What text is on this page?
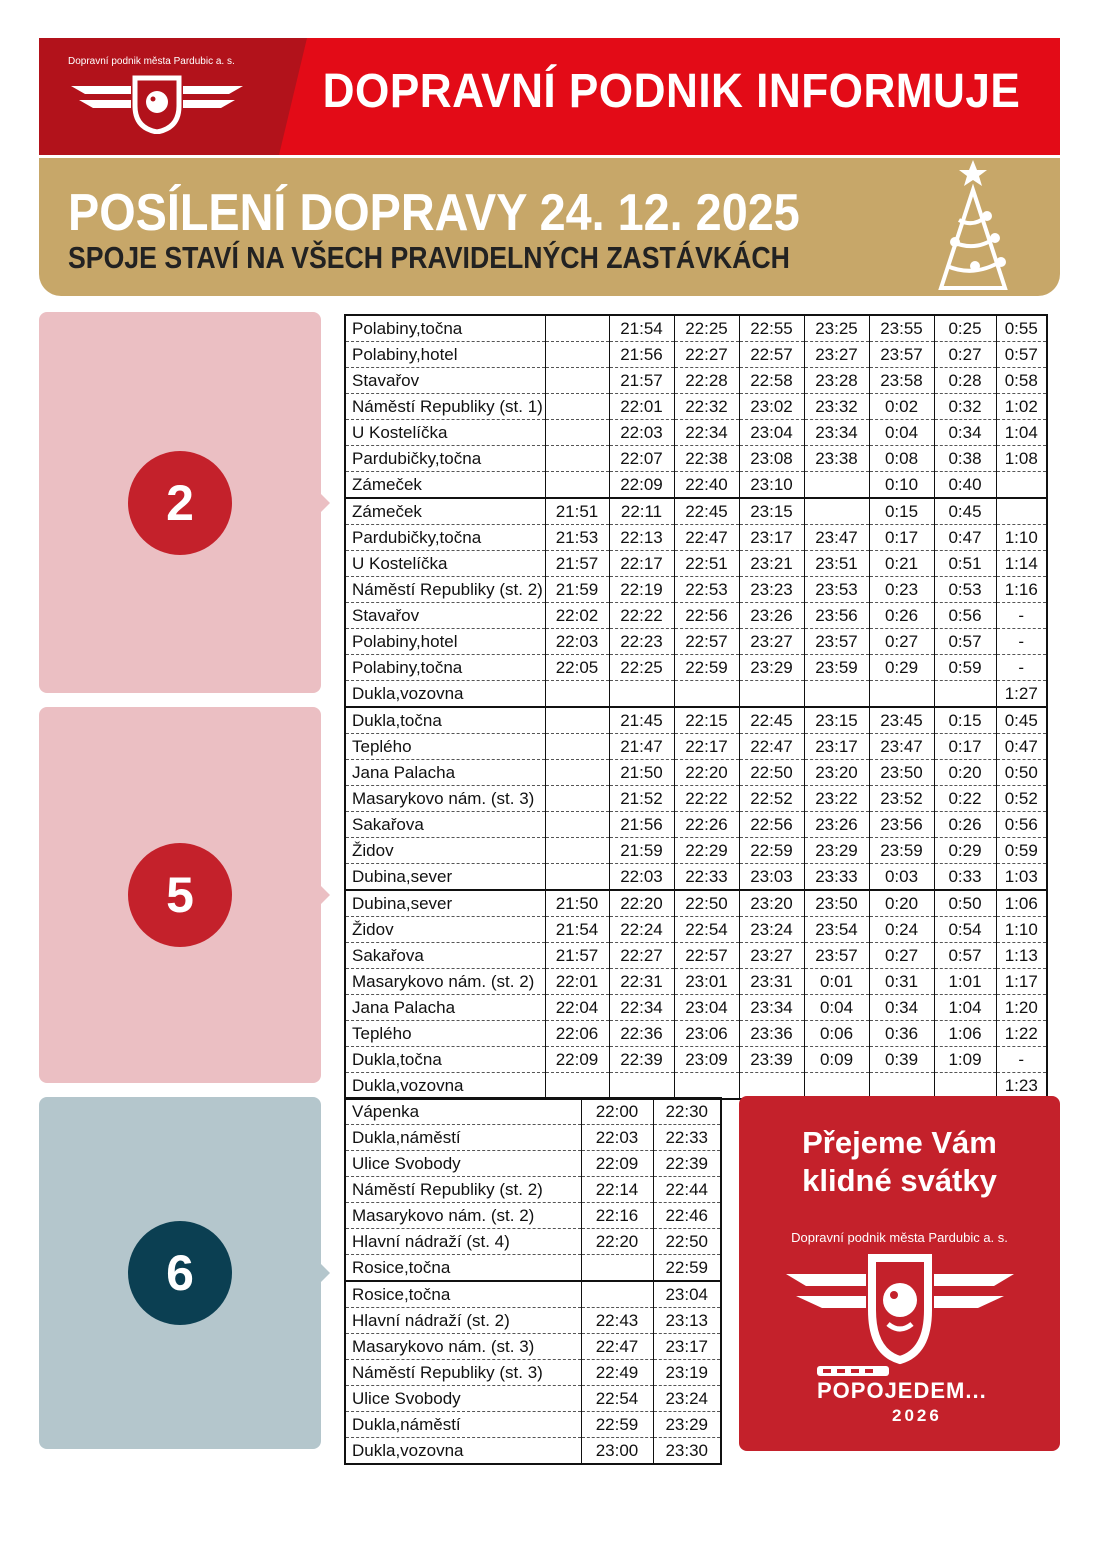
Dopravní podnik města Pardubic a. s.
DOPRAVNÍ PODNIK INFORMUJE
POSÍLENÍ DOPRAVY 24. 12. 2025
SPOJE STAVÍ NA VŠECH PRAVIDELNÝCH ZASTÁVKÁCH
2
Polabiny,točna		21:54	22:25	22:55	23:25	23:55	0:25	0:55
Polabiny,hotel		21:56	22:27	22:57	23:27	23:57	0:27	0:57
Stavařov		21:57	22:28	22:58	23:28	23:58	0:28	0:58
Náměstí Republiky (st. 1)		22:01	22:32	23:02	23:32	0:02	0:32	1:02
U Kostelíčka		22:03	22:34	23:04	23:34	0:04	0:34	1:04
Pardubičky,točna		22:07	22:38	23:08	23:38	0:08	0:38	1:08
Zámeček		22:09	22:40	23:10		0:10	0:40	
Zámeček	21:51	22:11	22:45	23:15		0:15	0:45	
Pardubičky,točna	21:53	22:13	22:47	23:17	23:47	0:17	0:47	1:10
U Kostelíčka	21:57	22:17	22:51	23:21	23:51	0:21	0:51	1:14
Náměstí Republiky (st. 2)	21:59	22:19	22:53	23:23	23:53	0:23	0:53	1:16
Stavařov	22:02	22:22	22:56	23:26	23:56	0:26	0:56	-
Polabiny,hotel	22:03	22:23	22:57	23:27	23:57	0:27	0:57	-
Polabiny,točna	22:05	22:25	22:59	23:29	23:59	0:29	0:59	-
Dukla,vozovna								1:27
5
Dukla,točna		21:45	22:15	22:45	23:15	23:45	0:15	0:45
Teplého		21:47	22:17	22:47	23:17	23:47	0:17	0:47
Jana Palacha		21:50	22:20	22:50	23:20	23:50	0:20	0:50
Masarykovo nám. (st. 3)		21:52	22:22	22:52	23:22	23:52	0:22	0:52
Sakařova		21:56	22:26	22:56	23:26	23:56	0:26	0:56
Židov		21:59	22:29	22:59	23:29	23:59	0:29	0:59
Dubina,sever		22:03	22:33	23:03	23:33	0:03	0:33	1:03
Dubina,sever	21:50	22:20	22:50	23:20	23:50	0:20	0:50	1:06
Židov	21:54	22:24	22:54	23:24	23:54	0:24	0:54	1:10
Sakařova	21:57	22:27	22:57	23:27	23:57	0:27	0:57	1:13
Masarykovo nám. (st. 2)	22:01	22:31	23:01	23:31	0:01	0:31	1:01	1:17
Jana Palacha	22:04	22:34	23:04	23:34	0:04	0:34	1:04	1:20
Teplého	22:06	22:36	23:06	23:36	0:06	0:36	1:06	1:22
Dukla,točna	22:09	22:39	23:09	23:39	0:09	0:39	1:09	-
Dukla,vozovna								1:23
6
Vápenka	22:00	22:30
Dukla,náměstí	22:03	22:33
Ulice Svobody	22:09	22:39
Náměstí Republiky (st. 2)	22:14	22:44
Masarykovo nám. (st. 2)	22:16	22:46
Hlavní nádraží (st. 4)	22:20	22:50
Rosice,točna		22:59
Rosice,točna		23:04
Hlavní nádraží (st. 2)	22:43	23:13
Masarykovo nám. (st. 3)	22:47	23:17
Náměstí Republiky (st. 3)	22:49	23:19
Ulice Svobody	22:54	23:24
Dukla,náměstí	22:59	23:29
Dukla,vozovna	23:00	23:30
Přejeme Vám
klidné svátky
Dopravní podnik města Pardubic a. s.
POPOJEDEM...
2026
